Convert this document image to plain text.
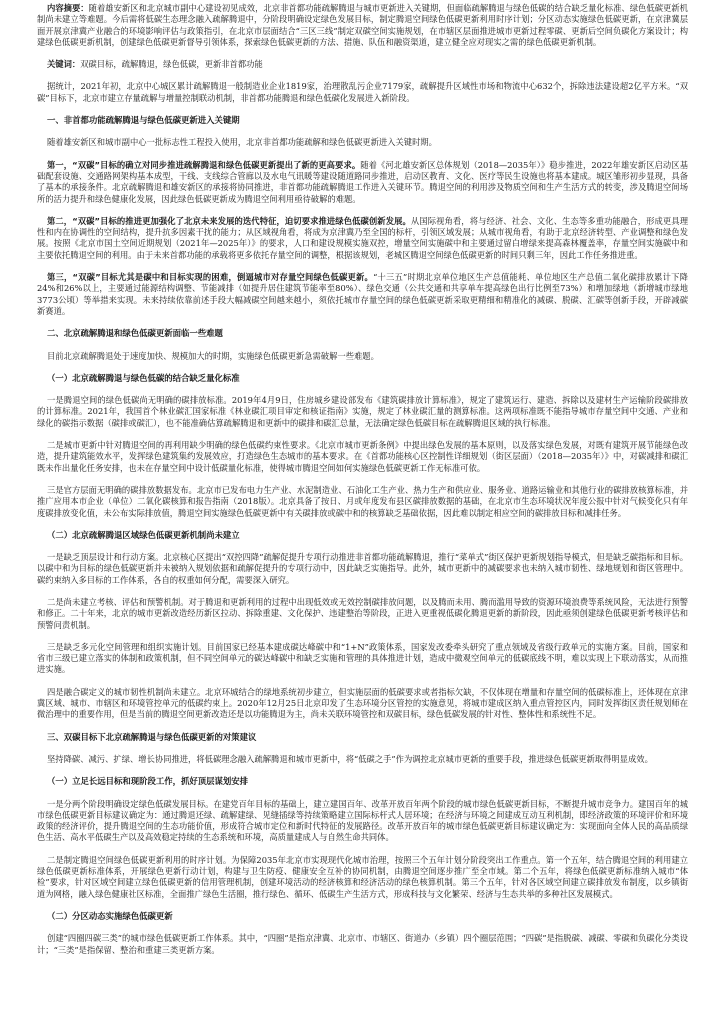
内容摘要：随着雄安新区和北京城市副中心建设初见成效，北京非首都功能疏解腾退与城市更新进入关键期，但面临疏解腾退与绿色低碳的结合缺乏量化标准、绿色低碳更新机制尚未建立等难题。今后需将低碳生态理念融入疏解腾退中，分阶段明确设定绿色发展目标，制定腾退空间绿色低碳更新利用时序计划；分区动态实施绿色低碳更新，在京津冀层面开展京津冀产业融合的环境影响评估与政策指引，在北京市层面结合“三区三线”制定双碳空间实施规划，在市辖区层面推进城市更新过程零碳、更新后空间负碳化方案设计；构建绿色低碳更新机制，创建绿色低碳更新督导引领体系，探索绿色低碳更新的方法、措施、队伍和融资渠道，建立健全应对现实之需的绿色低碳更新机制。

关键词：双碳目标，疏解腾退，绿色低碳，更新非首都功能

据统计，2021年初，北京中心城区累计疏解腾退一般制造业企业1819家，治理散乱污企业7179家，疏解提升区域性市场和物流中心632个，拆除违法建设超2亿平方米。“双碳”目标下，北京市建立存量疏解与增量控制联动机制，非首都功能腾退和绿色低碳化发展进入新阶段。

一、非首都功能疏解腾退与绿色低碳更新进入关键期

随着雄安新区和城市副中心一批标志性工程投入使用，北京非首都功能疏解和绿色低碳更新进入关键时期。

第一，“双碳”目标的确立对同步推进疏解腾退和绿色低碳更新提出了新的更高要求。随着《河北雄安新区总体规划（2018—2035年）》稳步推进，2022年雄安新区启动区基础配套设施、交通路网架构基本成型，干线、支线综合管廊以及水电气讯暖等建设随道路同步推进，启动区教育、文化、医疗等民生设施也将基本建成。城区雏形初步显现，具备了基本的承接条件。北京疏解腾退和雄安新区的承接将协同推进，非首都功能疏解腾退工作进入关键环节。腾退空间的利用涉及物质空间和生产生活方式的转变，涉及腾退空间场所的活力提升和绿色健康化发展，因此绿色低碳更新成为腾退空间利用亟待破解的难题。

第二，“双碳”目标的推进更加强化了北京未来发展的迭代特征，迫切要求推进绿色低碳创新发展。从国际视角看，将与经济、社会、文化、生态等多重功能融合，形成更具理性和内在协调性的空间结构，提升抗多因素干扰的能力；从区域视角看，将成为京津冀乃至全国的标杆，引领区域发展；从城市视角看，有助于北京经济转型、产业调整和绿色发展。按照《北京市国土空间近期规划（2021年—2025年）》的要求，人口和建设规模实施双控，增量空间实施碳中和主要通过留白增绿来提高森林覆盖率，存量空间实施碳中和主要依托腾退空间的利用。由于未来首都功能的承载将更多依托存量空间的调整，根据该规划，老城区腾退空间绿色低碳更新的时间只剩三年，因此工作任务推进重。

第三，“双碳”目标尤其是碳中和目标实现的困难，倒逼城市对存量空间绿色低碳更新。“十三五”时期北京单位地区生产总值能耗、单位地区生产总值二氧化碳排放累计下降24%和26%以上，主要通过能源结构调整、节能减排（如提升居住建筑节能率至80%）、绿色交通（公共交通和共享单车提高绿色出行比例至73%）和增加绿地（新增城市绿地3773公顷）等举措来实现。未来持续依靠前述手段大幅减碳空间越来越小，须依托城市存量空间的绿色低碳更新采取更精细和精准化的减碳、脱碳、汇碳等创新手段，开辟减碳新赛道。

二、北京疏解腾退和绿色低碳更新面临一些难题

目前北京疏解腾退处于速度加快、规模加大的时期，实施绿色低碳更新急需破解一些难题。

（一）北京疏解腾退与绿色低碳的结合缺乏量化标准

一是腾退空间的绿色低碳尚无明确的碳排放标准。2019年4月9日，住房城乡建设部发布《建筑碳排放计算标准》，规定了建筑运行、建造、拆除以及建材生产运输阶段碳排放的计算标准。2021年，我国首个林业碳汇国家标准《林业碳汇项目审定和核证指南》实施，规定了林业碳汇量的测算标准。这两项标准既不能指导城市存量空间中交通、产业和绿化的碳指示数据（碳排或碳汇），也不能准确估算疏解腾退和更新中的碳排和碳汇总量，无法确定绿色低碳目标在疏解腾退区域的执行标准。

二是城市更新中针对腾退空间的再利用缺少明确的绿色低碳约束性要求。《北京市城市更新条例》中提出绿色发展的基本原则，以及落实绿色发展，对既有建筑开展节能绿色改造，提升建筑能效水平，发挥绿色建筑集约发展效应，打造绿色生态城市的基本要求。在《首都功能核心区控制性详细规划（街区层面）（2018—2035年）》中，对碳减排和碳汇既未作出量化任务安排，也未在存量空间中设计低碳量化标准，使得城市腾退空间如何实施绿色低碳更新工作无标准可依。

三是官方层面无明确的碳排放数据发布。北京市已发布电力生产业、水泥制造业、石油化工生产业、热力生产和供应业、服务业、道路运输业和其他行业的碳排放核算标准，并推广应用本市企业（单位）二氧化碳核算和报告指南（2018版）。北京具备了按日、月或年度发布县区碳排放数据的基础，在北京市生态环境状况年度公报中针对气候变化只有年度碳排放变化值，未公布实际排放值，腾退空间实施绿色低碳更新中有关碳排放或碳中和的核算缺乏基础依据，因此难以制定相应空间的碳排放目标和减排任务。

（二）北京疏解腾退区域绿色低碳更新机制尚未建立

一是缺乏顶层设计和行动方案。北京核心区提出“双控四降”疏解促提升专项行动推进非首都功能疏解腾退，推行“菜单式”街区保护更新规划指导模式，但是缺乏碳指标和目标。以碳中和为目标的绿色低碳更新并未被纳入规划依据和疏解促提升的专项行动中，因此缺乏实施指导。此外，城市更新中的减碳要求也未纳入城市韧性、绿地规划和街区管理中。碳约束纳入多目标的工作体系，各自的权重如何分配，需要深入研究。

二是尚未建立考核、评估和预警机制。对于腾退和更新利用的过程中出现低效或无效控制碳排放问题，以及腾而未用、腾而滥用导致的资源环境浪费等系统风险，无法进行预警和修正。二十年来，北京的城市更新改造经历新区拉动、拆除重建、文化保护、违建整治等阶段，正进入更重视低碳化腾退更新的新阶段，因此亟须创建绿色低碳更新考核评估和预警问责机制。

三是缺乏多元化空间管理和组织实施计划。目前国家已经基本建成碳达峰碳中和“1+N”政策体系，国家发改委牵头研究了重点领域及省级行政单元的实施方案。目前，国家和省市三级已建立落实的体制和政策机制，但不同空间单元的碳达峰碳中和缺乏实施和管理的具体推进计划，造成中微观空间单元的低碳底线不明，难以实现上下联动落实，从而推进实施。

四是融合碳定义的城市韧性机制尚未建立。北京环城结合的绿地系统初步建立，但实施层面的低碳要求或者指标欠缺，不仅体现在增量和存量空间的低碳标准上，还体现在京津冀区域、城市、市辖区和环境管控单元的低碳约束上。2020年12月25日北京印发了生态环境分区管控的实施意见，将城市建成区纳入重点管控区内，同时发挥街区责任规划师在微治理中的重要作用，但是当前的腾退空间更新改造还是以功能腾退为主，尚未关联环境管控和双碳目标，绿色低碳发展的针对性、整体性和系统性不足。

三、双碳目标下北京疏解腾退与绿色低碳更新的对策建议

坚持降碳、减污、扩绿、增长协同推进，将低碳理念融入疏解腾退和城市更新中，将“低碳之手”作为调控北京城市更新的重要手段，推进绿色低碳更新取得明显成效。

（一）立足长远目标和现阶段工作，抓好顶层谋划安排

一是分两个阶段明确设定绿色低碳发展目标。在建党百年目标的基础上，建立建国百年、改革开放百年两个阶段的城市绿色低碳更新目标，不断提升城市竞争力。建国百年的城市绿色低碳更新目标建议确定为：通过腾退还绿、疏解建绿、见缝插绿等持续策略建立国际标杆式人居环境；在经济与环境之间建成互动互利机制，即经济政策的环境评价和环境政策的经济评价，提升腾退空间的生态功能价值，形成符合城市定位和新时代特征的发展路径。改革开放百年的城市绿色低碳更新目标建议确定为：实现面向全体人民的高品质绿色生活、高水平低碳生产以及高效稳定持续的生态系统和环境，高质量建成人与自然生命共同体。

二是制定腾退空间绿色低碳更新利用的时序计划。为保障2035年北京市实现现代化城市治理，按照三个五年计划分阶段突出工作重点。第一个五年，结合腾退空间的利用建立绿色低碳更新标准体系，开展绿色更新行动计划，构建与卫生防疫、健康安全互补的协同机制，由腾退空间逐步推广至全市域。第二个五年，将绿色低碳更新标准纳入城市“体检”要求，针对区域空间建立绿色低碳更新的信用管理机制，创建环境活动的经济核算和经济活动的绿色核算机制。第三个五年，针对各区域空间建立碳排放发布制度，以乡镇街道为网格，融入绿色健康社区标准，全面推广绿色生活圈，推行绿色、循环、低碳生产生活方式，形成科技与文化繁荣、经济与生态共举的多种社区发展模式。

（二）分区动态实施绿色低碳更新

创建“四圈四碳三类”的城市绿色低碳更新工作体系。其中，“四圈”是指京津冀、北京市、市辖区、街道办（乡镇）四个圈层范围；“四碳”是指脱碳、减碳、零碳和负碳化分类设计；“三类”是指保留、整治和重建三类更新方案。
